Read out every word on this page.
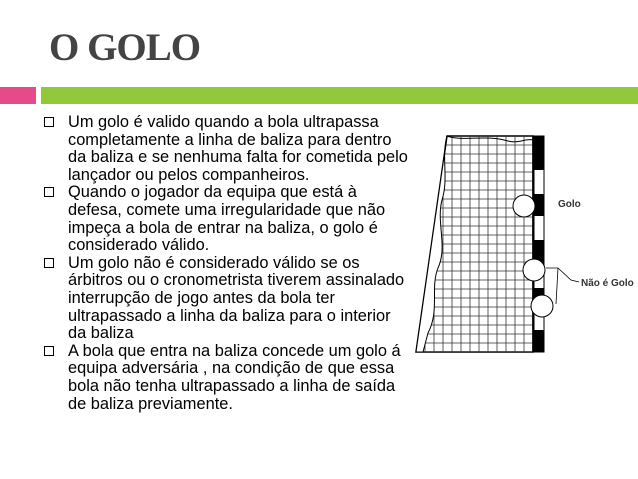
O GOLO
Um golo é valido quando a bola ultrapassa completamente a linha de baliza para dentro da baliza e se nenhuma falta for cometida pelo lançador ou pelos companheiros.
Quando o jogador da equipa que está à defesa, comete uma irregularidade que não impeça a bola de entrar na baliza, o golo é considerado válido.
Um golo não é considerado válido se os árbitros ou o cronometrista tiverem assinalado interrupção de jogo antes da bola ter ultrapassado a linha da baliza para o interior da baliza
A bola que entra na baliza concede um golo á equipa adversária , na condição de que essa bola não tenha ultrapassado a linha de saída de baliza previamente.
Golo
Não é Golo
